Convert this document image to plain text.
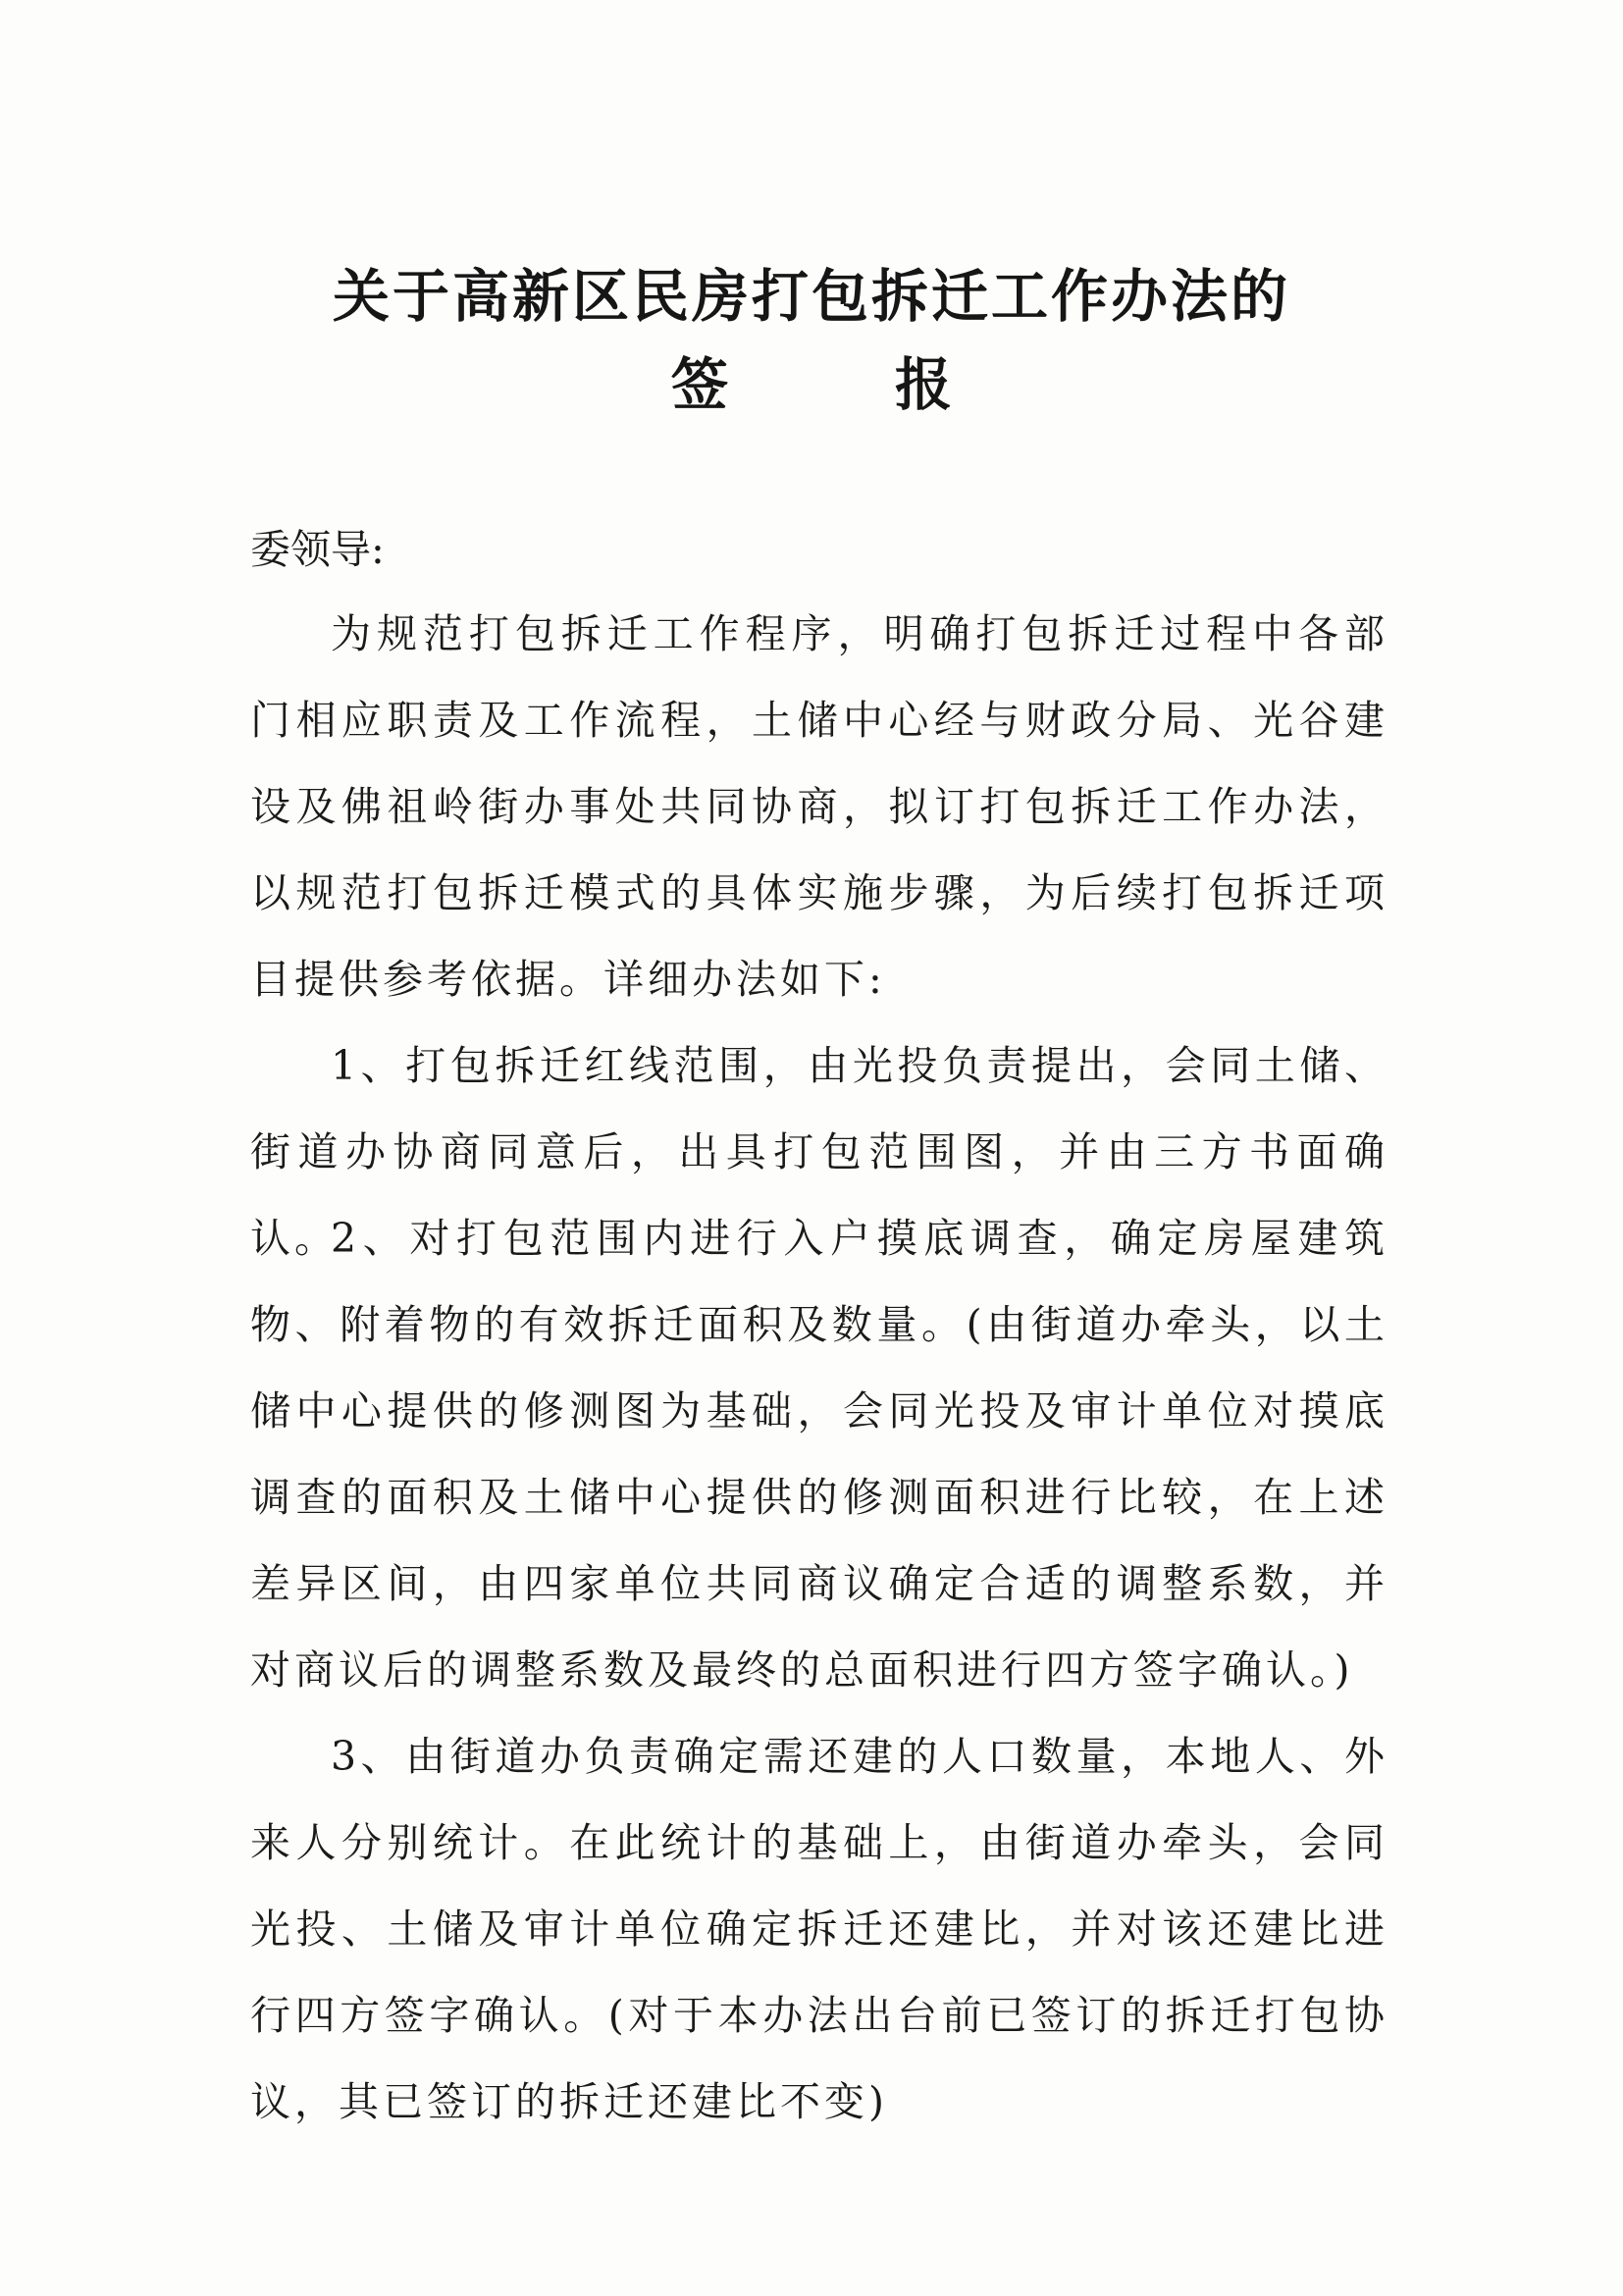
关于高新区民房打包拆迁工作办法的
签	报
委领导:
为规范打包拆迁工作程序，明确打包拆迁过程中各部门相应职责及工作流程，土储中心经与财政分局、光谷建设及佛祖岭街办事处共同协商，拟订打包拆迁工作办法，以规范打包拆迁模式的具体实施步骤，为后续打包拆迁项目提供参考依据。详细办法如下:
1、打包拆迁红线范围，由光投负责提出，会同土储、街道办协商同意后，出具打包范围图，并由三方书面确认。
2、对打包范围内进行入户摸底调查，确定房屋建筑物、附着物的有效拆迁面积及数量。(由街道办牵头，以土储中心提供的修测图为基础，会同光投及审计单位对摸底调查的面积及土储中心提供的修测面积进行比较，在上述差异区间，由四家单位共同商议确定合适的调整系数，并对商议后的调整系数及最终的总面积进行四方签字确认。)
3、由街道办负责确定需还建的人口数量，本地人、外来人分别统计。在此统计的基础上，由街道办牵头，会同光投、土储及审计单位确定拆迁还建比，并对该还建比进行四方签字确认。(对于本办法出台前已签订的拆迁打包协议，其已签订的拆迁还建比不变)
